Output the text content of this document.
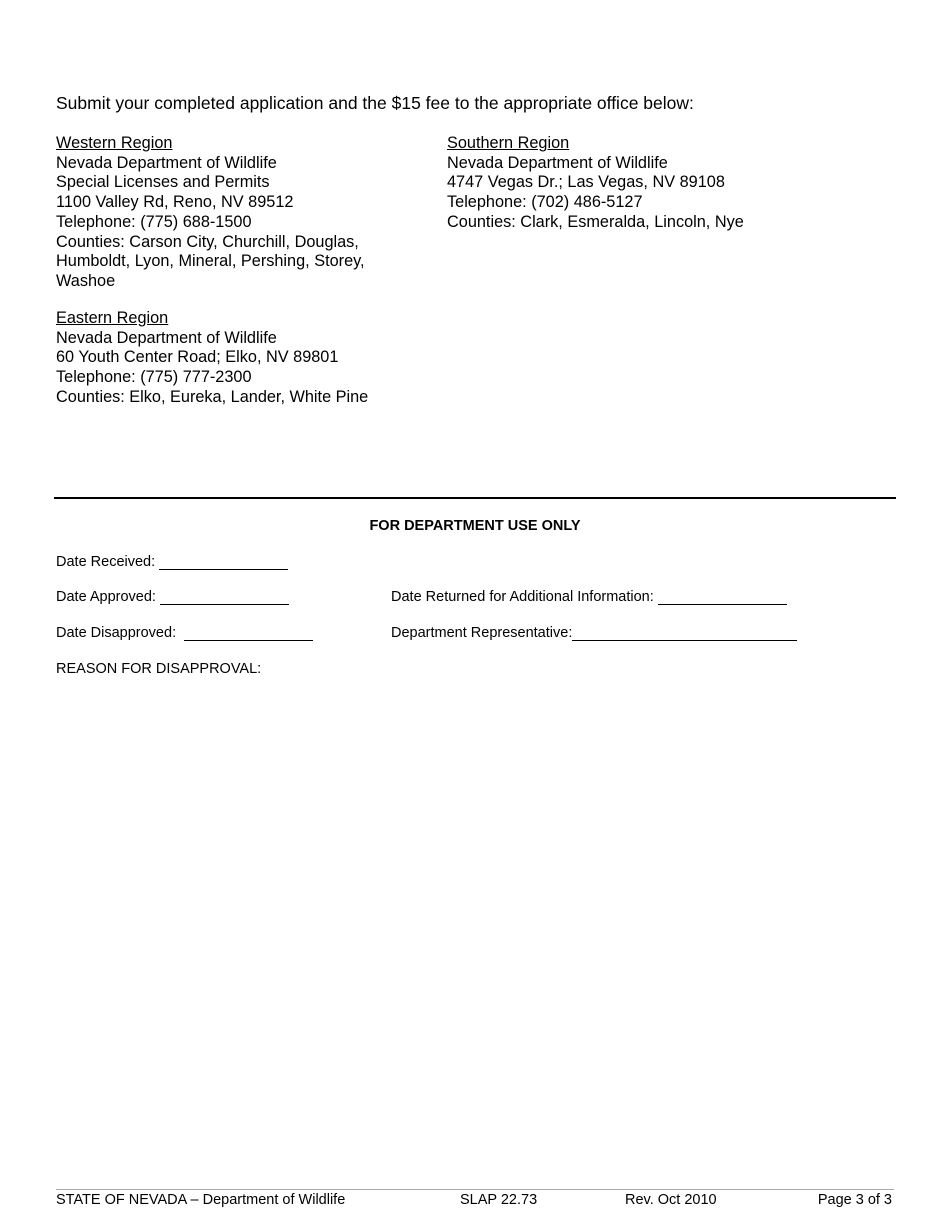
Submit your completed application and the $15 fee to the appropriate office below:
Western Region
Nevada Department of Wildlife
Special Licenses and Permits
1100 Valley Rd, Reno, NV 89512
Telephone: (775) 688-1500
Counties: Carson City, Churchill, Douglas, Humboldt, Lyon, Mineral, Pershing, Storey, Washoe
Southern Region
Nevada Department of Wildlife
4747 Vegas Dr.; Las Vegas, NV 89108
Telephone: (702) 486-5127
Counties: Clark, Esmeralda, Lincoln, Nye
Eastern Region
Nevada Department of Wildlife
60 Youth Center Road; Elko, NV 89801
Telephone: (775) 777-2300
Counties: Elko, Eureka, Lander, White Pine
FOR DEPARTMENT USE ONLY
Date Received:
Date Approved:	Date Returned for Additional Information:
Date Disapproved:	Department Representative:
REASON FOR DISAPPROVAL:
STATE OF NEVADA – Department of Wildlife	SLAP 22.73	Rev. Oct 2010	Page 3 of 3
